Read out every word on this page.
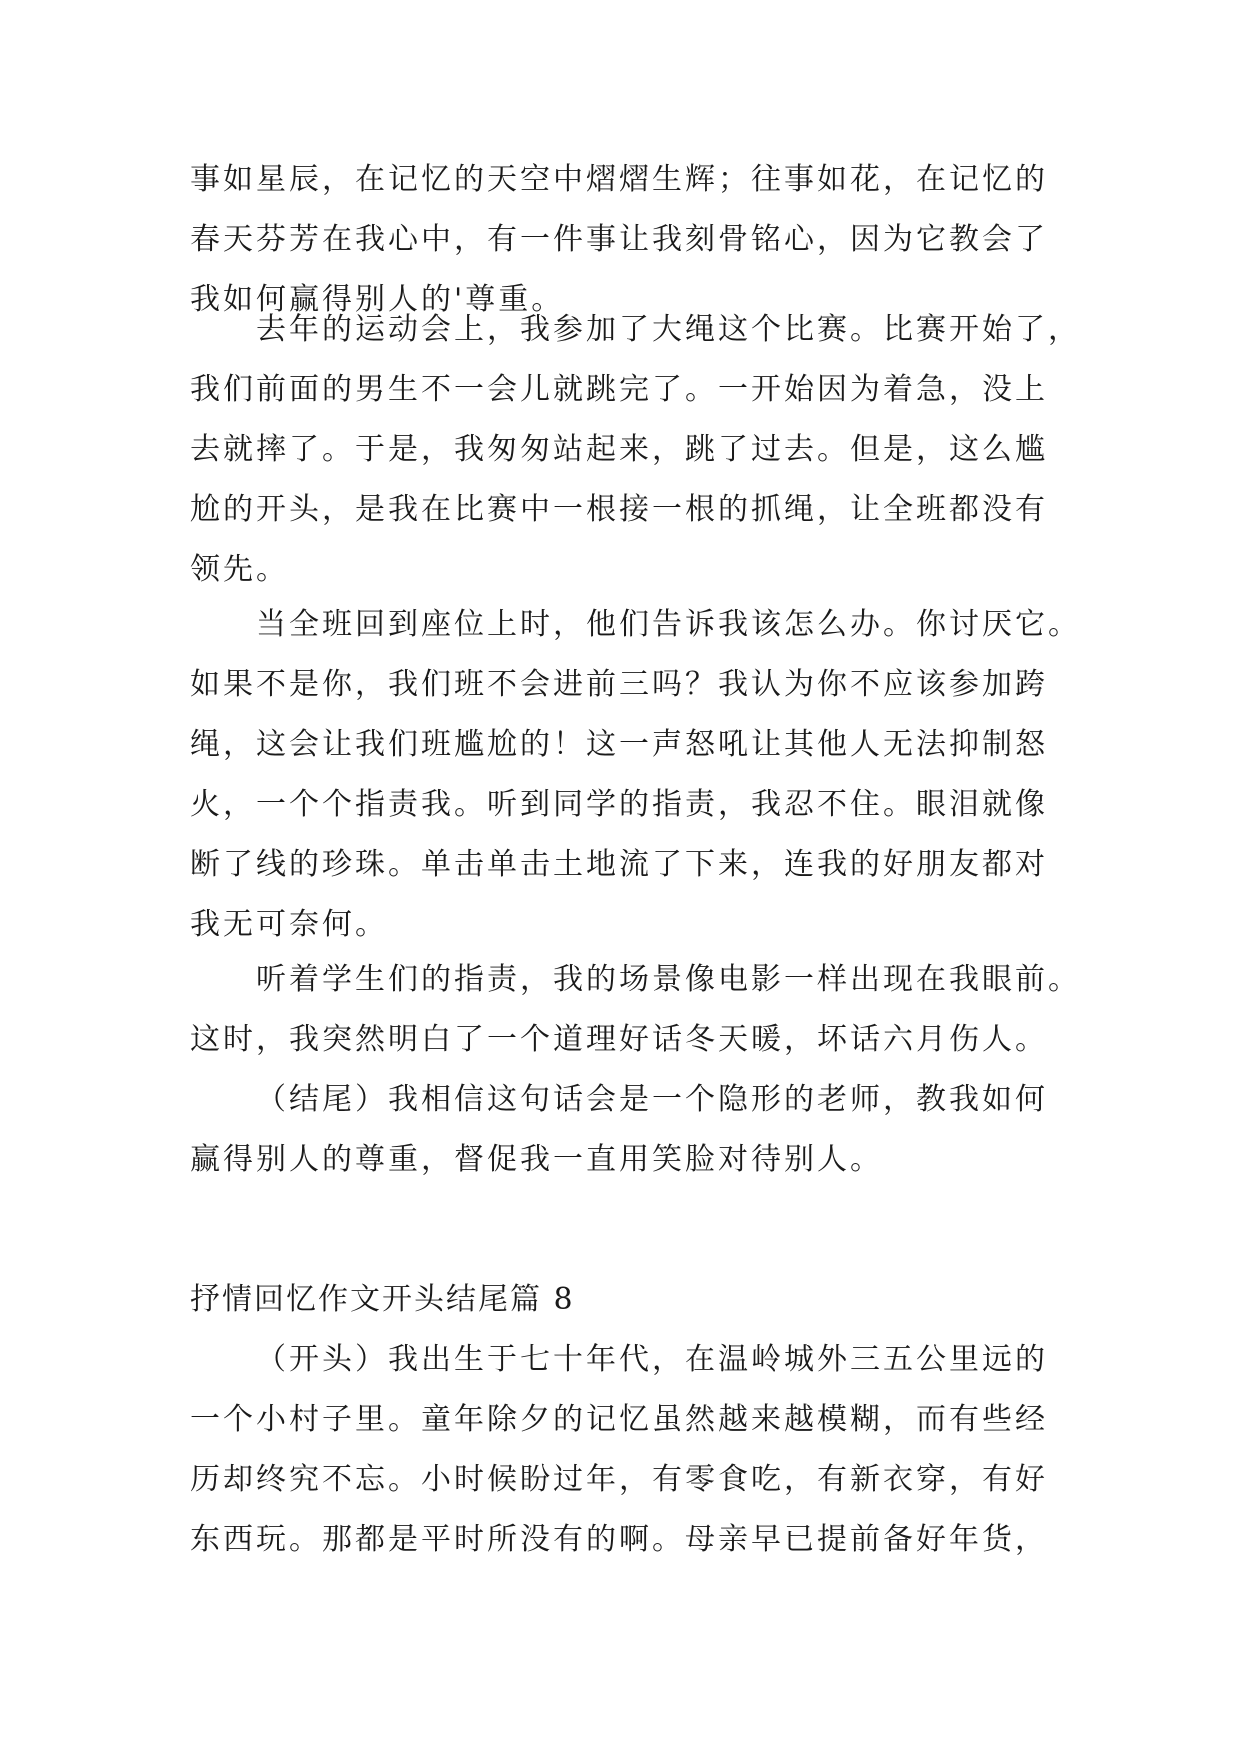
事如星辰，在记忆的天空中熠熠生辉；往事如花，在记忆的
春天芬芳在我心中，有一件事让我刻骨铭心，因为它教会了
我如何赢得别人的'尊重。
去年的运动会上，我参加了大绳这个比赛。比赛开始了，
我们前面的男生不一会儿就跳完了。一开始因为着急，没上
去就摔了。于是，我匆匆站起来，跳了过去。但是，这么尴
尬的开头，是我在比赛中一根接一根的抓绳，让全班都没有
领先。
当全班回到座位上时，他们告诉我该怎么办。你讨厌它。
如果不是你，我们班不会进前三吗？我认为你不应该参加跨
绳，这会让我们班尴尬的！这一声怒吼让其他人无法抑制怒
火，一个个指责我。听到同学的指责，我忍不住。眼泪就像
断了线的珍珠。单击单击土地流了下来，连我的好朋友都对
我无可奈何。
听着学生们的指责，我的场景像电影一样出现在我眼前。
这时，我突然明白了一个道理好话冬天暖，坏话六月伤人。
（结尾）我相信这句话会是一个隐形的老师，教我如何
赢得别人的尊重，督促我一直用笑脸对待别人。
抒情回忆作文开头结尾篇 8
（开头）我出生于七十年代，在温岭城外三五公里远的
一个小村子里。童年除夕的记忆虽然越来越模糊，而有些经
历却终究不忘。小时候盼过年，有零食吃，有新衣穿，有好
东西玩。那都是平时所没有的啊。母亲早已提前备好年货，
